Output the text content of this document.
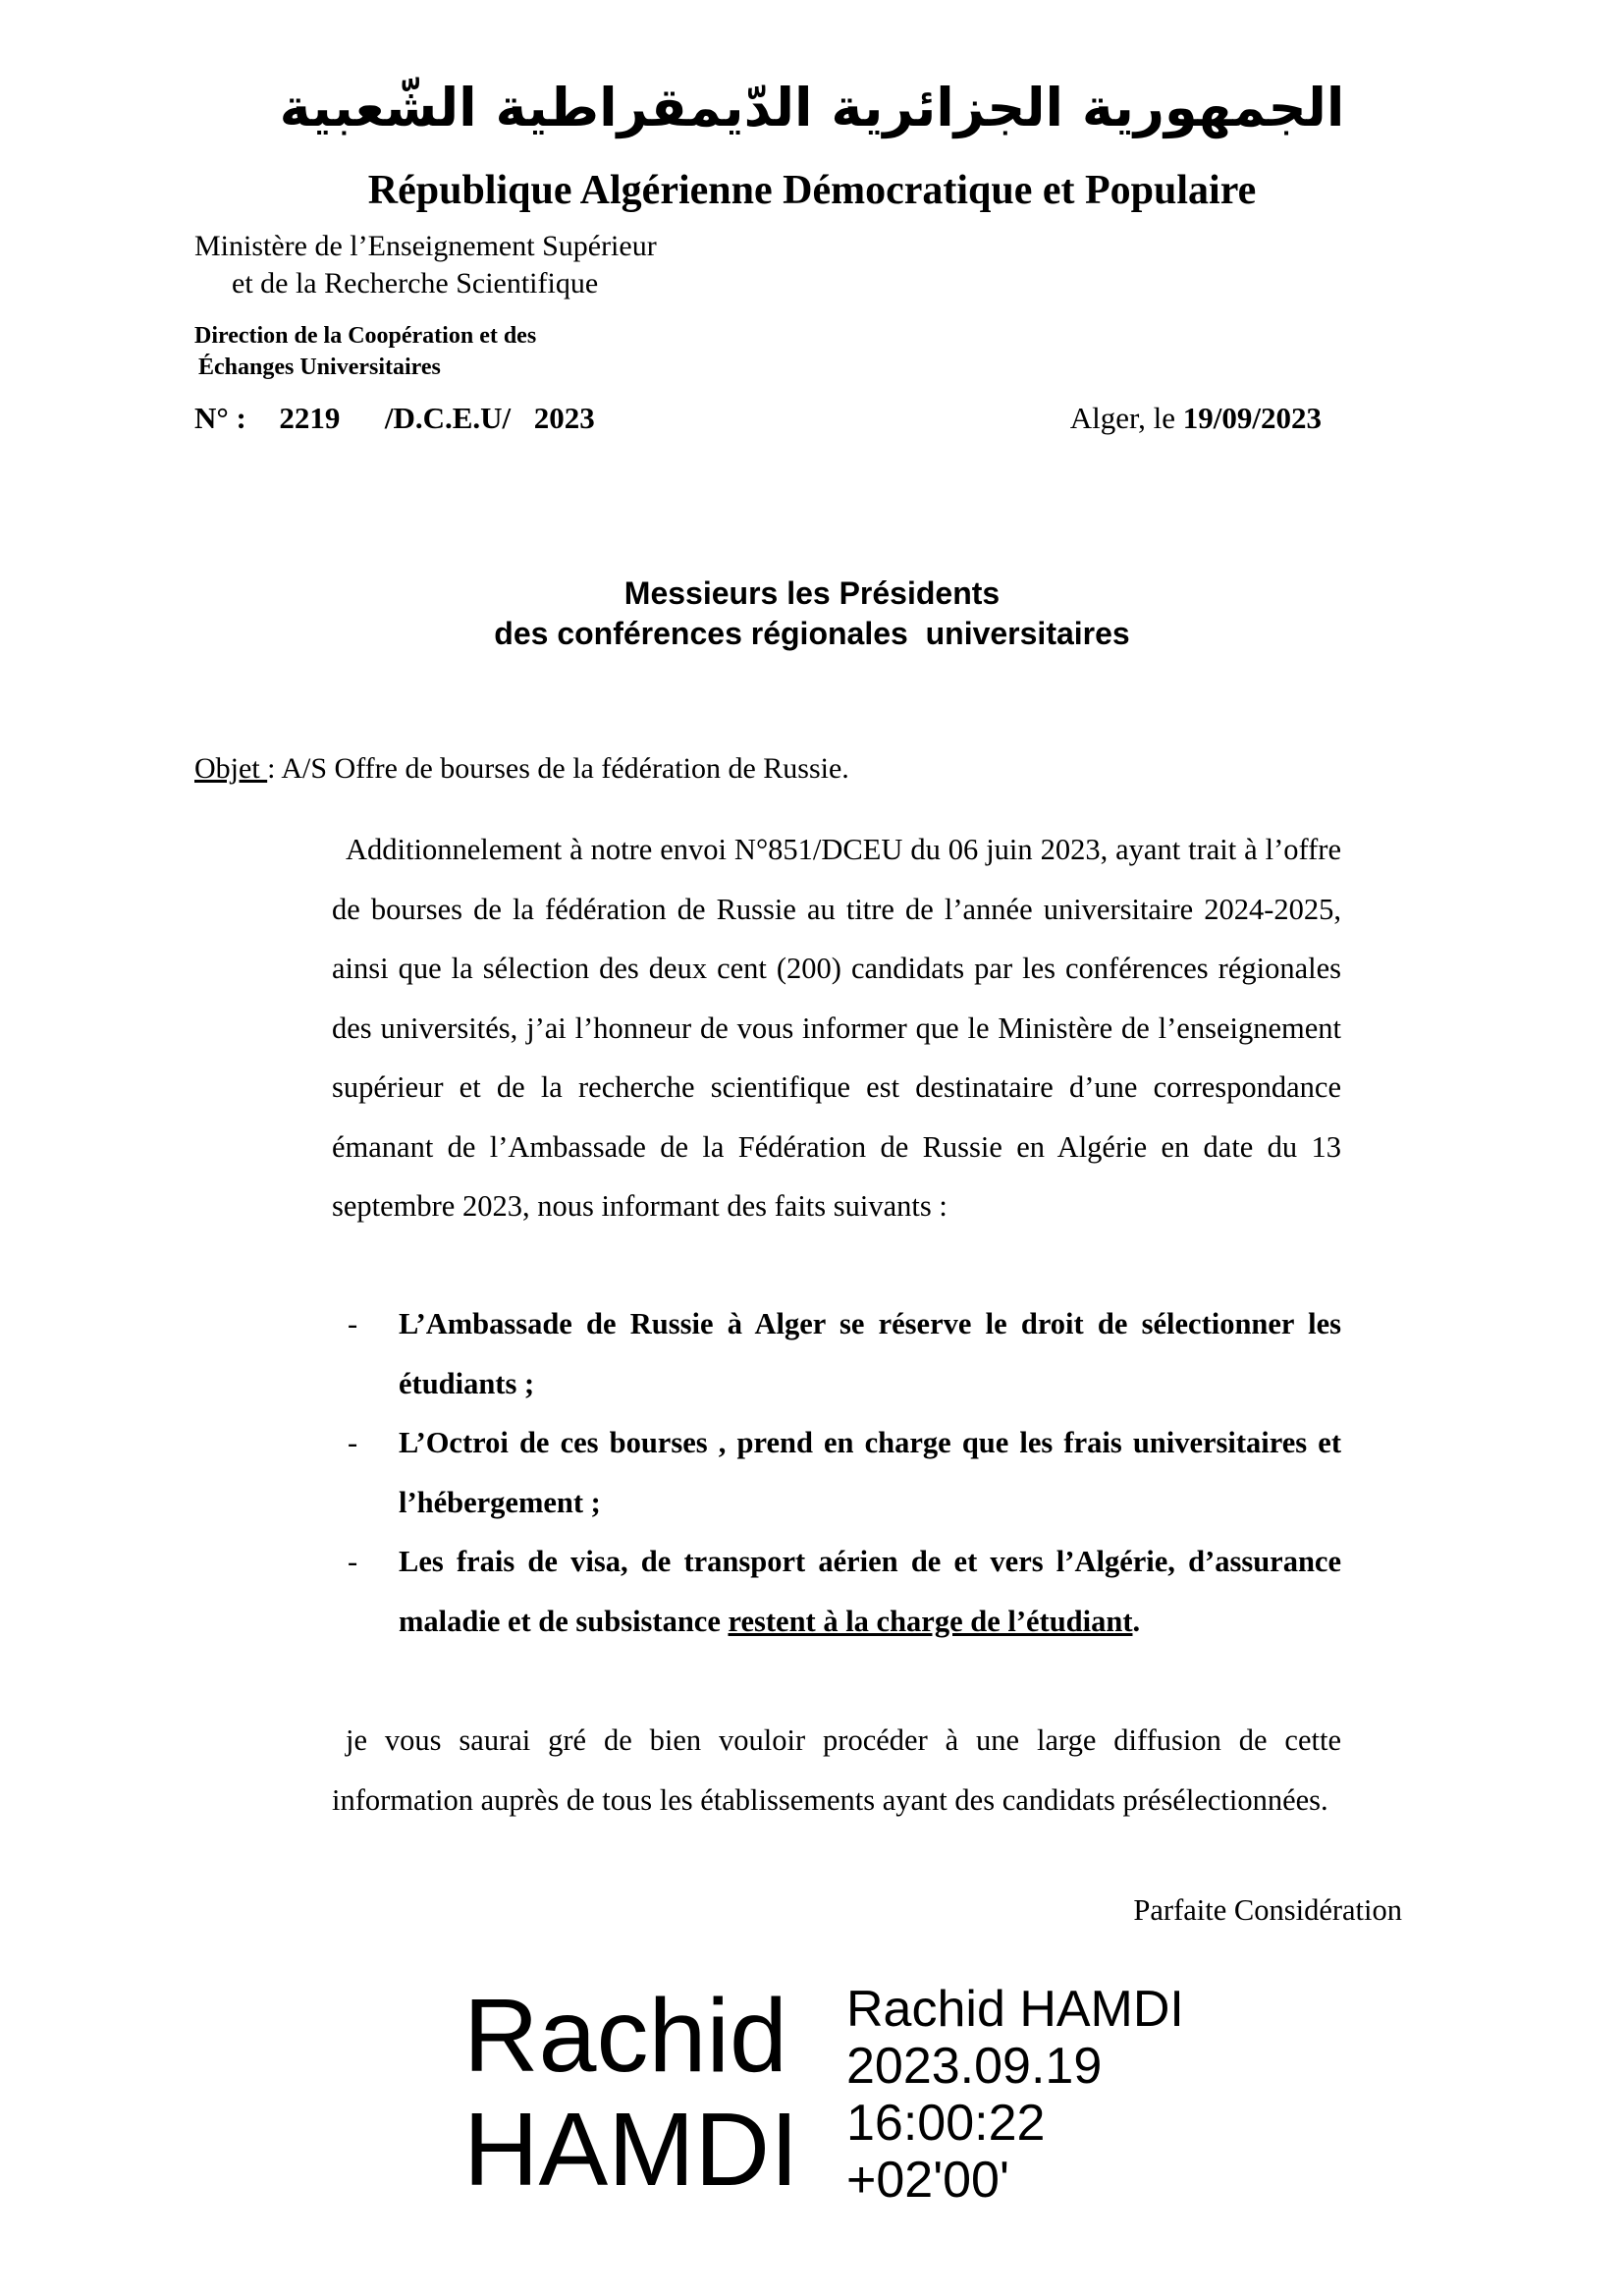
الجمهورية الجزائرية الدّيمقراطية الشّعبية
République Algérienne Démocratique et Populaire
Ministère de l’Enseignement Supérieur
et de la Recherche Scientifique
Direction de la Coopération et des
Échanges Universitaires
N° : 2219 /D.C.E.U/ 2023	Alger, le 19/09/2023
Messieurs les Présidents
des conférences régionales  universitaires
Objet : A/S Offre de bourses de la fédération de Russie.
Additionnelement à notre envoi N°851/DCEU du 06 juin 2023, ayant trait à l’offre de bourses de la fédération de Russie au titre de l’année universitaire 2024-2025, ainsi que la sélection des deux cent (200) candidats par les conférences régionales des universités, j’ai l’honneur de vous informer que le Ministère de l’enseignement supérieur et de la recherche scientifique est destinataire d’une correspondance émanant de l’Ambassade de la Fédération de Russie en Algérie en date du 13 septembre 2023, nous informant des faits suivants :
- L’Ambassade de Russie à Alger se réserve le droit de sélectionner les étudiants ;
- L’Octroi de ces bourses , prend en charge que les frais universitaires et l’hébergement ;
- Les frais de visa, de transport aérien de et vers l’Algérie, d’assurance maladie et de subsistance restent à la charge de l’étudiant.
je vous saurai gré de bien vouloir procéder à une large diffusion de cette information auprès de tous les établissements ayant des candidats présélectionnées.
Parfaite Considération
Rachid
HAMDI
Rachid HAMDI
2023.09.19
16:00:22
+02'00'
